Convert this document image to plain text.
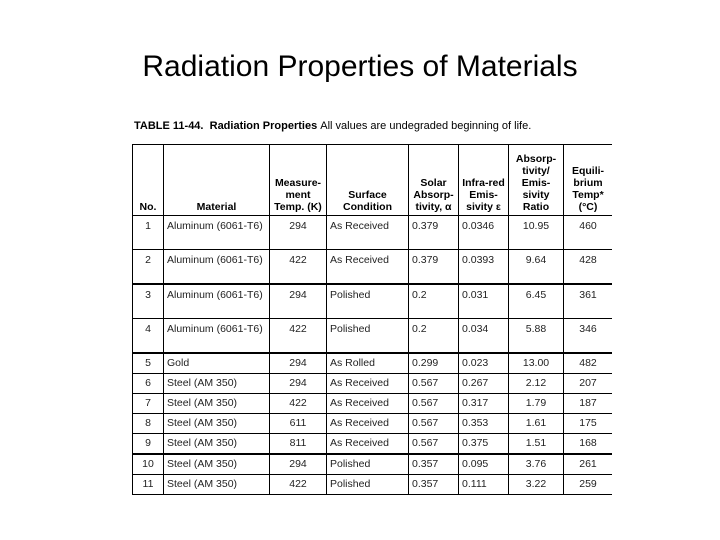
Radiation Properties of Materials
TABLE 11-44. Radiation Properties All values are undegraded beginning of life.
No.	Material	Measure-ment Temp. (K)	Surface Condition	Solar Absorp-tivity, α	Infra-red Emis-sivity ε	Absorp-tivity/ Emis-sivity Ratio	Equili-brium Temp* (°C)
1	Aluminum (6061-T6)	294	As Received	0.379	0.0346	10.95	460
2	Aluminum (6061-T6)	422	As Received	0.379	0.0393	9.64	428
3	Aluminum (6061-T6)	294	Polished	0.2	0.031	6.45	361
4	Aluminum (6061-T6)	422	Polished	0.2	0.034	5.88	346
5	Gold	294	As Rolled	0.299	0.023	13.00	482
6	Steel (AM 350)	294	As Received	0.567	0.267	2.12	207
7	Steel (AM 350)	422	As Received	0.567	0.317	1.79	187
8	Steel (AM 350)	611	As Received	0.567	0.353	1.61	175
9	Steel (AM 350)	811	As Received	0.567	0.375	1.51	168
10	Steel (AM 350)	294	Polished	0.357	0.095	3.76	261
11	Steel (AM 350)	422	Polished	0.357	0.111	3.22	259
